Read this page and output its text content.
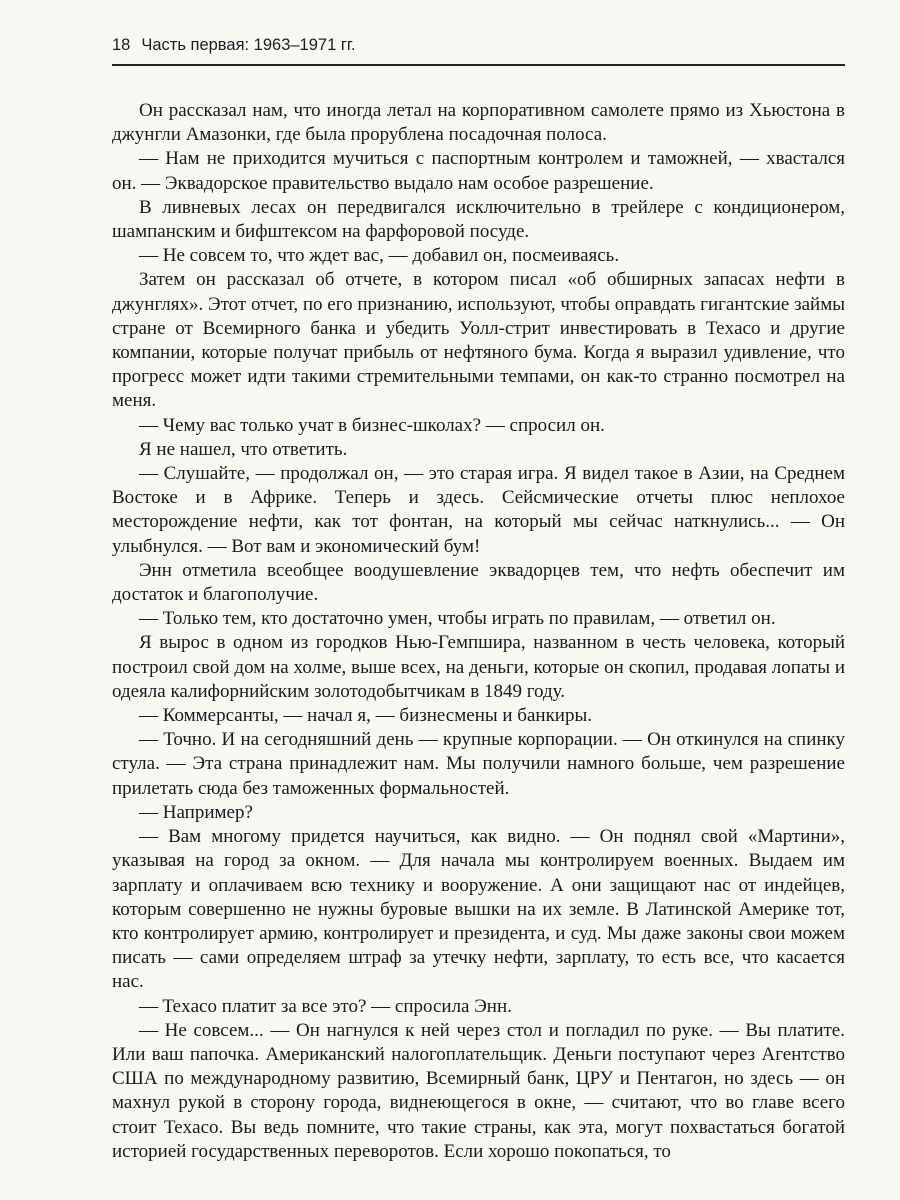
18 Часть первая: 1963–1971 гг.

Он рассказал нам, что иногда летал на корпоративном самолете прямо из Хьюстона в джунгли Амазонки, где была прорублена посадочная полоса.

— Нам не приходится мучиться с паспортным контролем и таможней, — хвастался он. — Эквадорское правительство выдало нам особое разрешение.

В ливневых лесах он передвигался исключительно в трейлере с кондиционером, шампанским и бифштексом на фарфоровой посуде.

— Не совсем то, что ждет вас, — добавил он, посмеиваясь.

Затем он рассказал об отчете, в котором писал «об обширных запасах нефти в джунглях». Этот отчет, по его признанию, используют, чтобы оправдать гигантские займы стране от Всемирного банка и убедить Уолл-стрит инвестировать в Texaco и другие компании, которые получат прибыль от нефтяного бума. Когда я выразил удивление, что прогресс может идти такими стремительными темпами, он как-то странно посмотрел на меня.

— Чему вас только учат в бизнес-школах? — спросил он.

Я не нашел, что ответить.

— Слушайте, — продолжал он, — это старая игра. Я видел такое в Азии, на Среднем Востоке и в Африке. Теперь и здесь. Сейсмические отчеты плюс неплохое месторождение нефти, как тот фонтан, на который мы сейчас наткнулись... — Он улыбнулся. — Вот вам и экономический бум!

Энн отметила всеобщее воодушевление эквадорцев тем, что нефть обеспечит им достаток и благополучие.

— Только тем, кто достаточно умен, чтобы играть по правилам, — ответил он.

Я вырос в одном из городков Нью-Гемпшира, названном в честь человека, который построил свой дом на холме, выше всех, на деньги, которые он скопил, продавая лопаты и одеяла калифорнийским золотодобытчикам в 1849 году.

— Коммерсанты, — начал я, — бизнесмены и банкиры.

— Точно. И на сегодняшний день — крупные корпорации. — Он откинулся на спинку стула. — Эта страна принадлежит нам. Мы получили намного больше, чем разрешение прилетать сюда без таможенных формальностей.

— Например?

— Вам многому придется научиться, как видно. — Он поднял свой «Мартини», указывая на город за окном. — Для начала мы контролируем военных. Выдаем им зарплату и оплачиваем всю технику и вооружение. А они защищают нас от индейцев, которым совершенно не нужны буровые вышки на их земле. В Латинской Америке тот, кто контролирует армию, контролирует и президента, и суд. Мы даже законы свои можем писать — сами определяем штраф за утечку нефти, зарплату, то есть все, что касается нас.

— Texaco платит за все это? — спросила Энн.

— Не совсем... — Он нагнулся к ней через стол и погладил по руке. — Вы платите. Или ваш папочка. Американский налогоплательщик. Деньги поступают через Агентство США по международному развитию, Всемирный банк, ЦРУ и Пентагон, но здесь — он махнул рукой в сторону города, виднеющегося в окне, — считают, что во главе всего стоит Texaco. Вы ведь помните, что такие страны, как эта, могут похвастаться богатой историей государственных переворотов. Если хорошо покопаться, то
